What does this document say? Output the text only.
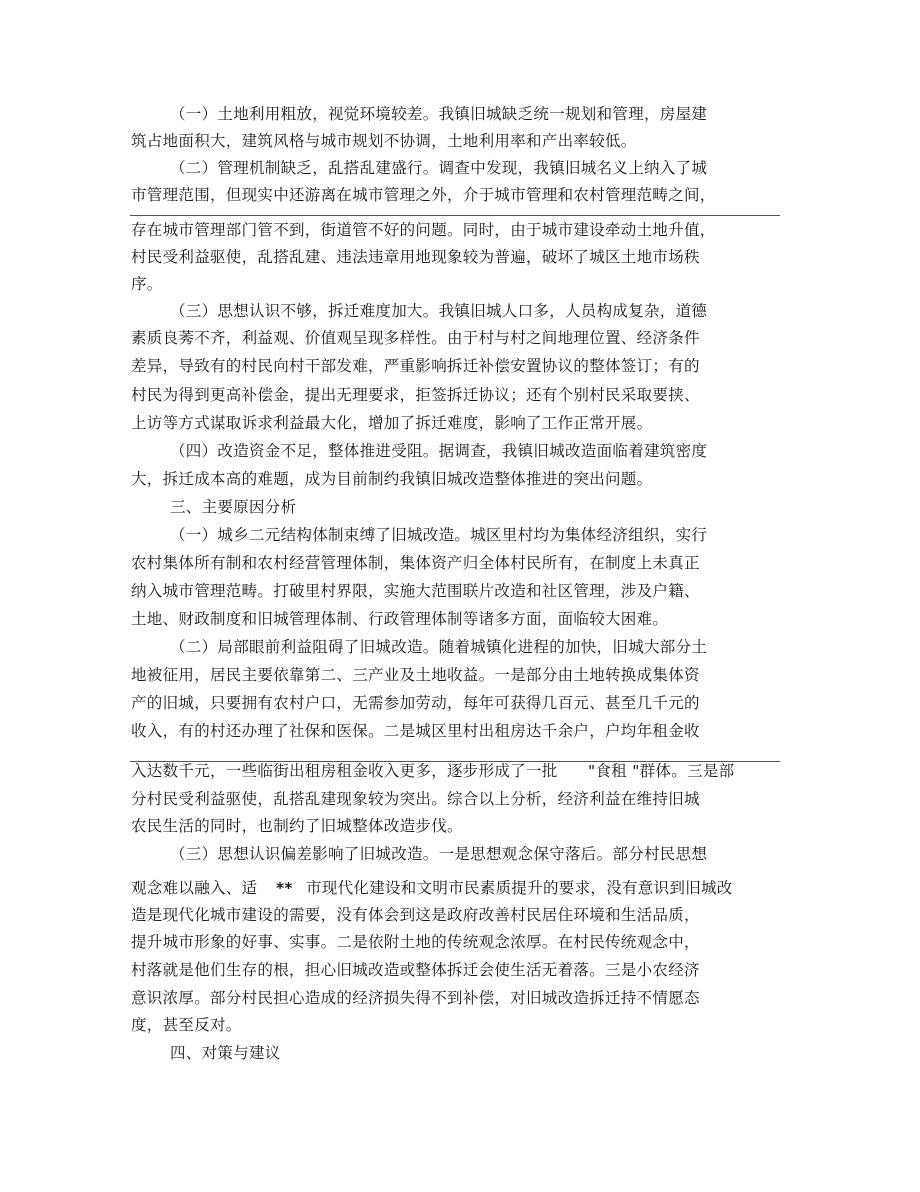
（一）土地利用粗放，视觉环境较差。我镇旧城缺乏统一规划和管理，房屋建
筑占地面积大，建筑风格与城市规划不协调，土地利用率和产出率较低。
（二）管理机制缺乏，乱搭乱建盛行。调查中发现，我镇旧城名义上纳入了城
市管理范围，但现实中还游离在城市管理之外，介于城市管理和农村管理范畴之间，
存在城市管理部门管不到，街道管不好的问题。同时，由于城市建设牵动土地升值，
村民受利益驱使，乱搭乱建、违法违章用地现象较为普遍，破坏了城区土地市场秩
序。
（三）思想认识不够，拆迁难度加大。我镇旧城人口多，人员构成复杂，道德
素质良莠不齐，利益观、价值观呈现多样性。由于村与村之间地理位置、经济条件
差异，导致有的村民向村干部发难，严重影响拆迁补偿安置协议的整体签订；有的
村民为得到更高补偿金，提出无理要求，拒签拆迁协议；还有个别村民采取要挟、
上访等方式谋取诉求利益最大化，增加了拆迁难度，影响了工作正常开展。
（四）改造资金不足，整体推进受阻。据调查，我镇旧城改造面临着建筑密度
大，拆迁成本高的难题，成为目前制约我镇旧城改造整体推进的突出问题。
三、主要原因分析
（一）城乡二元结构体制束缚了旧城改造。城区里村均为集体经济组织，实行
农村集体所有制和农村经营管理体制，集体资产归全体村民所有，在制度上未真正
纳入城市管理范畴。打破里村界限，实施大范围联片改造和社区管理，涉及户籍、
土地、财政制度和旧城管理体制、行政管理体制等诸多方面，面临较大困难。
（二）局部眼前利益阻碍了旧城改造。随着城镇化进程的加快，旧城大部分土
地被征用，居民主要依靠第二、三产业及土地收益。一是部分由土地转换成集体资
产的旧城，只要拥有农村户口，无需参加劳动，每年可获得几百元、甚至几千元的
收入，有的村还办理了社保和医保。二是城区里村出租房达千余户，户均年租金收
入达数千元，一些临街出租房租金收入更多，逐步形成了一批 "食租 "群体。三是部
分村民受利益驱使，乱搭乱建现象较为突出。综合以上分析，经济利益在维持旧城
农民生活的同时，也制约了旧城整体改造步伐。
（三）思想认识偏差影响了旧城改造。一是思想观念保守落后。部分村民思想
观念难以融入、适 ** 市现代化建设和文明市民素质提升的要求，没有意识到旧城改
造是现代化城市建设的需要，没有体会到这是政府改善村民居住环境和生活品质，
提升城市形象的好事、实事。二是依附土地的传统观念浓厚。在村民传统观念中，
村落就是他们生存的根，担心旧城改造或整体拆迁会使生活无着落。三是小农经济
意识浓厚。部分村民担心造成的经济损失得不到补偿，对旧城改造拆迁持不情愿态
度，甚至反对。
四、对策与建议
